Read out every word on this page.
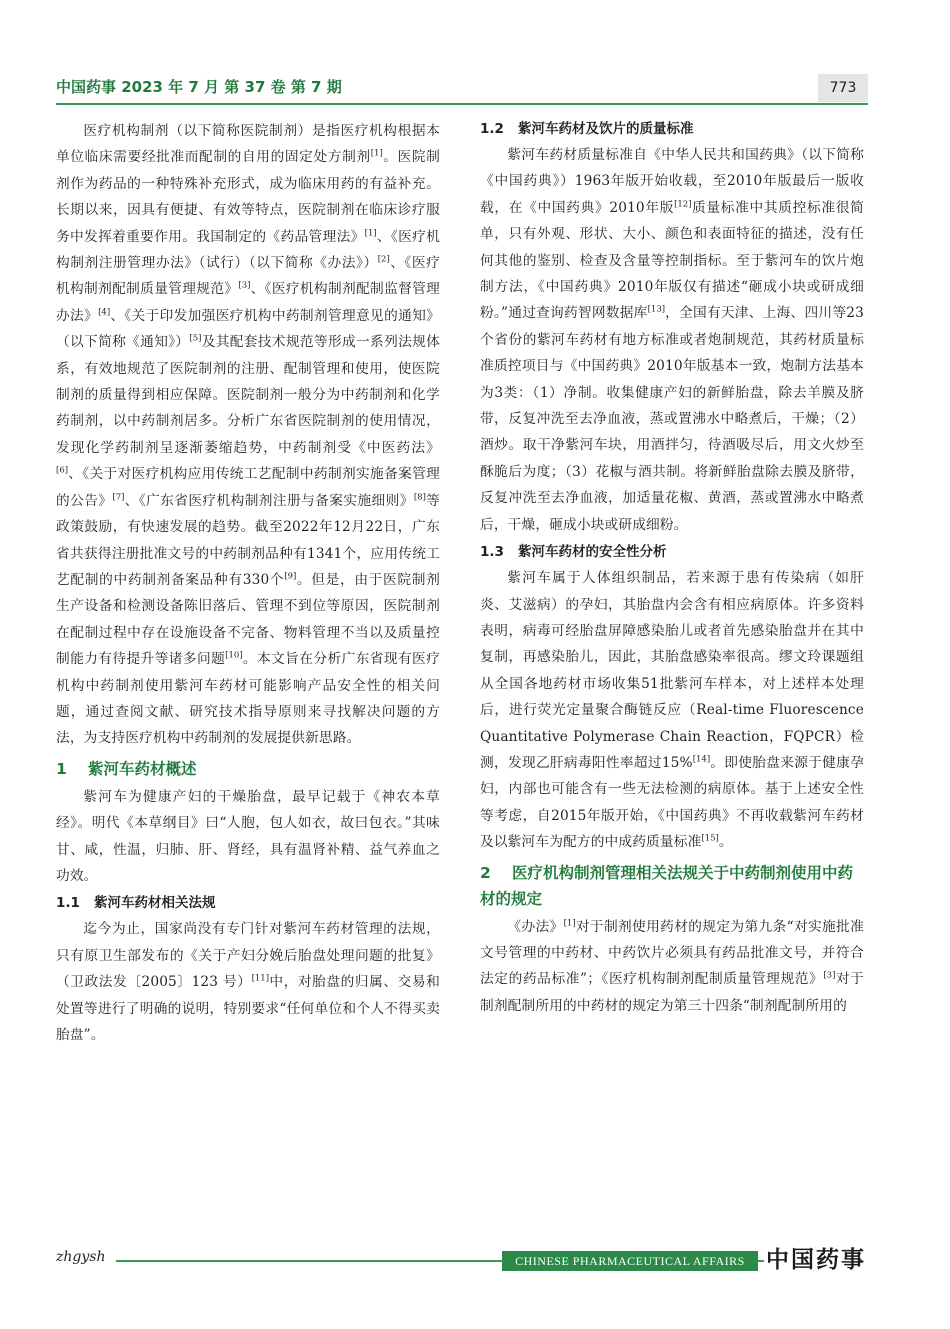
中国药事 2023 年 7 月 第 37 卷 第 7 期	773

医疗机构制剂（以下简称医院制剂）是指医疗机构根据本单位临床需要经批准而配制的自用的固定处方制剂[1]。医院制剂作为药品的一种特殊补充形式，成为临床用药的有益补充。长期以来，因具有便捷、有效等特点，医院制剂在临床诊疗服务中发挥着重要作用。我国制定的《药品管理法》[1]、《医疗机构制剂注册管理办法》（试行）（以下简称《办法》）[2]、《医疗机构制剂配制质量管理规范》[3]、《医疗机构制剂配制监督管理办法》[4]、《关于印发加强医疗机构中药制剂管理意见的通知》（以下简称《通知》）[5]及其配套技术规范等形成一系列法规体系，有效地规范了医院制剂的注册、配制管理和使用，使医院制剂的质量得到相应保障。医院制剂一般分为中药制剂和化学药制剂，以中药制剂居多。分析广东省医院制剂的使用情况，发现化学药制剂呈逐渐萎缩趋势，中药制剂受《中医药法》[6]、《关于对医疗机构应用传统工艺配制中药制剂实施备案管理的公告》[7]、《广东省医疗机构制剂注册与备案实施细则》[8]等政策鼓励，有快速发展的趋势。截至2022年12月22日，广东省共获得注册批准文号的中药制剂品种有1341个，应用传统工艺配制的中药制剂备案品种有330个[9]。但是，由于医院制剂生产设备和检测设备陈旧落后、管理不到位等原因，医院制剂在配制过程中存在设施设备不完备、物料管理不当以及质量控制能力有待提升等诸多问题[10]。本文旨在分析广东省现有医疗机构中药制剂使用紫河车药材可能影响产品安全性的相关问题，通过查阅文献、研究技术指导原则来寻找解决问题的方法，为支持医疗机构中药制剂的发展提供新思路。

1 紫河车药材概述

紫河车为健康产妇的干燥胎盘，最早记载于《神农本草经》。明代《本草纲目》曰“人胞，包人如衣，故曰包衣。”其味甘、咸，性温，归肺、肝、肾经，具有温肾补精、益气养血之功效。

1.1 紫河车药材相关法规

迄今为止，国家尚没有专门针对紫河车药材管理的法规，只有原卫生部发布的《关于产妇分娩后胎盘处理问题的批复》（卫政法发〔2005〕123 号）[11]中，对胎盘的归属、交易和处置等进行了明确的说明，特别要求“任何单位和个人不得买卖胎盘”。

1.2 紫河车药材及饮片的质量标准

紫河车药材质量标准自《中华人民共和国药典》（以下简称《中国药典》）1963年版开始收载，至2010年版最后一版收载，在《中国药典》2010年版[12]质量标准中其质控标准很简单，只有外观、形状、大小、颜色和表面特征的描述，没有任何其他的鉴别、检查及含量等控制指标。至于紫河车的饮片炮制方法，《中国药典》2010年版仅有描述“砸成小块或研成细粉。”通过查询药智网数据库[13]，全国有天津、上海、四川等23个省份的紫河车药材有地方标准或者炮制规范，其药材质量标准质控项目与《中国药典》2010年版基本一致，炮制方法基本为3类：（1）净制。收集健康产妇的新鲜胎盘，除去羊膜及脐带，反复冲洗至去净血液，蒸或置沸水中略煮后，干燥；（2）酒炒。取干净紫河车块，用酒拌匀，待酒吸尽后，用文火炒至酥脆后为度；（3）花椒与酒共制。将新鲜胎盘除去膜及脐带，反复冲洗至去净血液，加适量花椒、黄酒，蒸或置沸水中略煮后，干燥，砸成小块或研成细粉。

1.3 紫河车药材的安全性分析

紫河车属于人体组织制品，若来源于患有传染病（如肝炎、艾滋病）的孕妇，其胎盘内会含有相应病原体。许多资料表明，病毒可经胎盘屏障感染胎儿或者首先感染胎盘并在其中复制，再感染胎儿，因此，其胎盘感染率很高。缪文玲课题组从全国各地药材市场收集51批紫河车样本，对上述样本处理后，进行荧光定量聚合酶链反应（Real-time Fluorescence Quantitative Polymerase Chain Reaction，FQPCR）检测，发现乙肝病毒阳性率超过15%[14]。即使胎盘来源于健康孕妇，内部也可能含有一些无法检测的病原体。基于上述安全性等考虑，自2015年版开始，《中国药典》不再收载紫河车药材及以紫河车为配方的中成药质量标准[15]。

2 医疗机构制剂管理相关法规关于中药制剂使用中药材的规定

《办法》[1]对于制剂使用药材的规定为第九条“对实施批准文号管理的中药材、中药饮片必须具有药品批准文号，并符合法定的药品标准”；《医疗机构制剂配制质量管理规范》[3]对于制剂配制所用的中药材的规定为第三十四条“制剂配制所用的

zhgysh	CHINESE PHARMACEUTICAL AFFAIRS 中国药事
